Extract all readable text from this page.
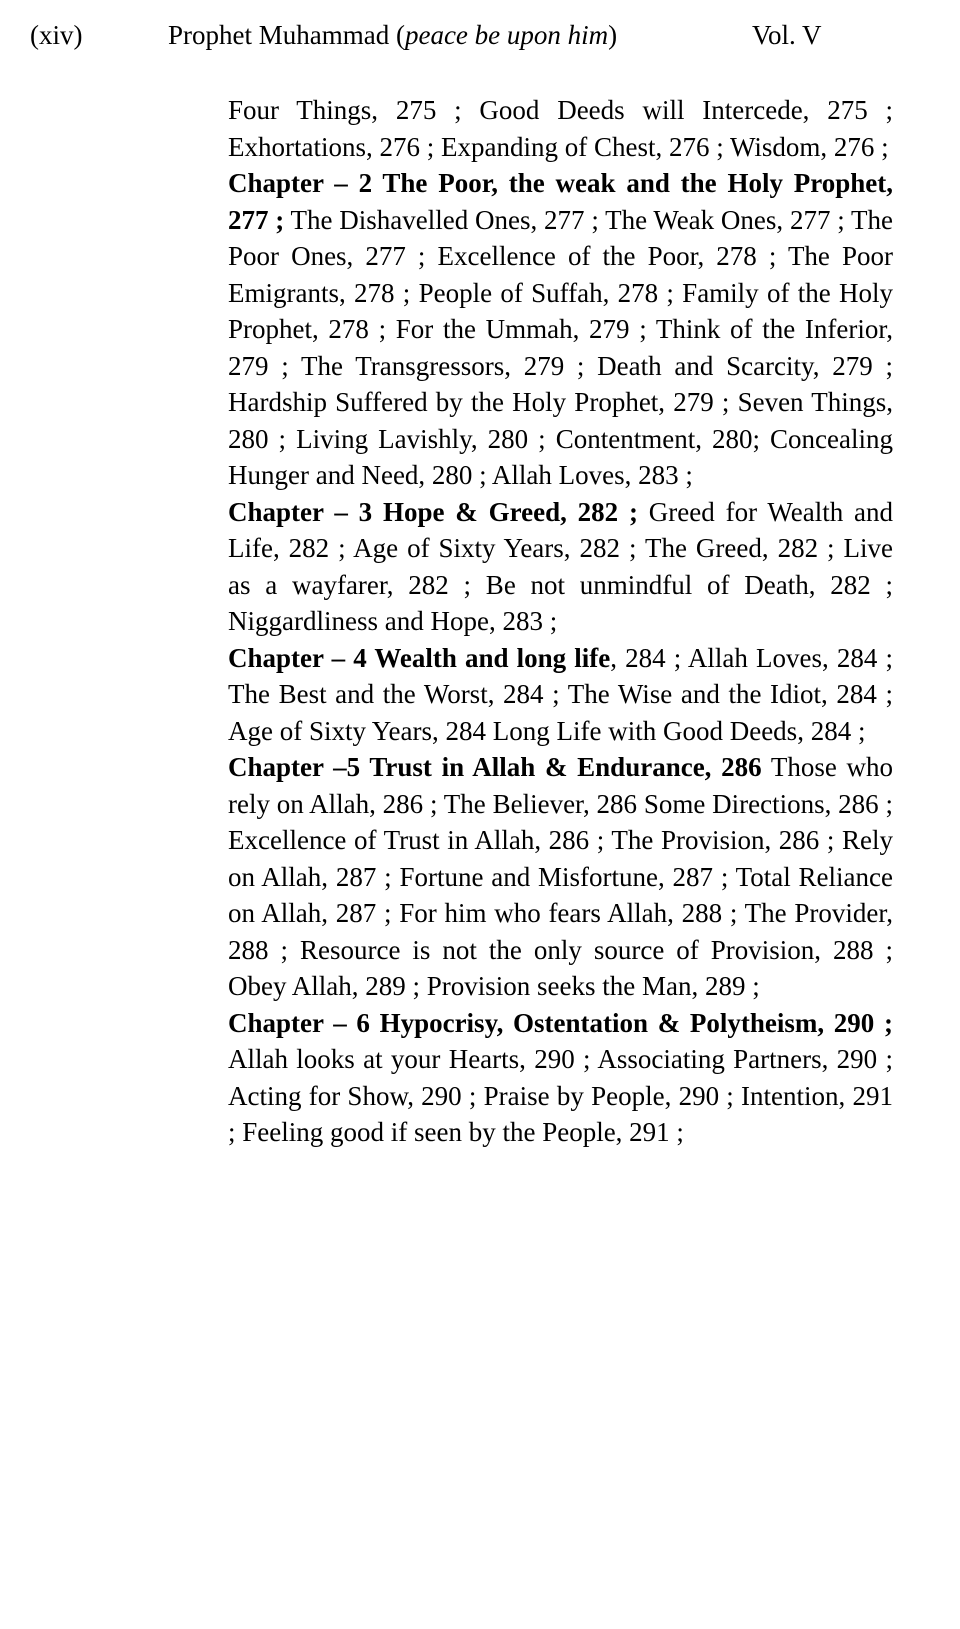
(xiv)	Prophet Muhammad (peace be upon him)	Vol. V

Four Things, 275 ; Good Deeds will Intercede, 275 ; Exhortations, 276 ; Expanding of Chest, 276 ; Wisdom, 276 ;

Chapter – 2 The Poor, the weak and the Holy Prophet, 277 ; The Dishavelled Ones, 277 ; The Weak Ones, 277 ; The Poor Ones, 277 ; Excellence of the Poor, 278 ; The Poor Emigrants, 278 ; People of Suffah, 278 ; Family of the Holy Prophet, 278 ; For the Ummah, 279 ; Think of the Inferior, 279 ; The Transgressors, 279 ; Death and Scarcity, 279 ; Hardship Suffered by the Holy Prophet, 279 ; Seven Things, 280 ; Living Lavishly, 280 ; Contentment, 280; Concealing Hunger and Need, 280 ; Allah Loves, 283 ;

Chapter – 3 Hope & Greed, 282 ; Greed for Wealth and Life, 282 ; Age of Sixty Years, 282 ; The Greed, 282 ; Live as a wayfarer, 282 ; Be not unmindful of Death, 282 ; Niggardliness and Hope, 283 ;

Chapter – 4 Wealth and long life, 284 ; Allah Loves, 284 ; The Best and the Worst, 284 ; The Wise and the Idiot, 284 ; Age of Sixty Years, 284 Long Life with Good Deeds, 284 ;

Chapter –5 Trust in Allah & Endurance, 286 Those who rely on Allah, 286 ; The Believer, 286 Some Directions, 286 ; Excellence of Trust in Allah, 286 ; The Provision, 286 ; Rely on Allah, 287 ; Fortune and Misfortune, 287 ; Total Reliance on Allah, 287 ; For him who fears Allah, 288 ; The Provider, 288 ; Resource is not the only source of Provision, 288 ; Obey Allah, 289 ; Provision seeks the Man, 289 ;

Chapter – 6 Hypocrisy, Ostentation & Polytheism, 290 ; Allah looks at your Hearts, 290 ; Associating Partners, 290 ; Acting for Show, 290 ; Praise by People, 290 ; Intention, 291 ; Feeling good if seen by the People, 291 ;
